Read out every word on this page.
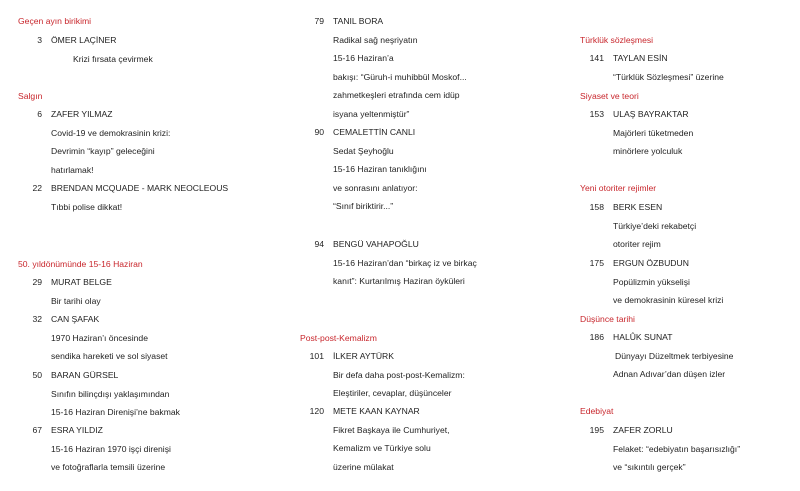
Geçen ayın birikimi
3 ÖMER LAÇİNER
Krizi fırsata çevirmek
Salgın
6 ZAFER YILMAZ
Covid-19 ve demokrasinin krizi:
Devrimin “kayıp” geleceğini
hatırlamak!
22 BRENDAN MCQUADE - MARK NEOCLEOUS
Tıbbi polise dikkat!
50. yıldönümünde 15-16 Haziran
29 MURAT BELGE
Bir tarihi olay
32 CAN ŞAFAK
1970 Haziran’ı öncesinde
sendika hareketi ve sol siyaset
50 BARAN GÜRSEL
Sınıfın bilinçdışı yaklaşımından
15-16 Haziran Direnişi’ne bakmak
67 ESRA YILDIZ
15-16 Haziran 1970 işçi direnişi
ve fotoğraflarla temsili üzerine
79 TANIL BORA
Radikal sağ neşriyatın
15-16 Haziran’a
bakışı: “Güruh-i muhibbül Moskof...
zahmetkeşleri etrafında cem idüp
isyana yeltenmiştür”
90 CEMALETTİN CANLI
Sedat Şeyhoğlu
15-16 Haziran tanıklığını
ve sonrasını anlatıyor:
“Sınıf biriktirir...”
94 BENGÜ VAHAPOĞLU
15-16 Haziran’dan “birkaç iz ve birkaç
kanıt”: Kurtarılmış Haziran öyküleri
Post-post-Kemalizm
101 İLKER AYTÜRK
Bir defa daha post-post-Kemalizm:
Eleştiriler, cevaplar, düşünceler
120 METE KAAN KAYNAR
Fikret Başkaya ile Cumhuriyet,
Kemalizm ve Türkiye solu
üzerine mülakat
Türklük sözleşmesi
141 TAYLAN ESİN
“Türklük Sözleşmesi” üzerine
Siyaset ve teori
153 ULAŞ BAYRAKTAR
Majörleri tüketmeden
minörlere yolculuk
Yeni otoriter rejimler
158 BERK ESEN
Türkiye’deki rekabetçi
otoriter rejim
175 ERGUN ÖZBUDUN
Popülizmin yükselişi
ve demokrasinin küresel krizi
Düşünce tarihi
186 HALÛK SUNAT
Dünyayı Düzeltmek terbiyesine
Adnan Adıvar’dan düşen izler
Edebiyat
195 ZAFER ZORLU
Felaket: “edebiyatın başarısızlığı”
ve “sıkıntılı gerçek”
